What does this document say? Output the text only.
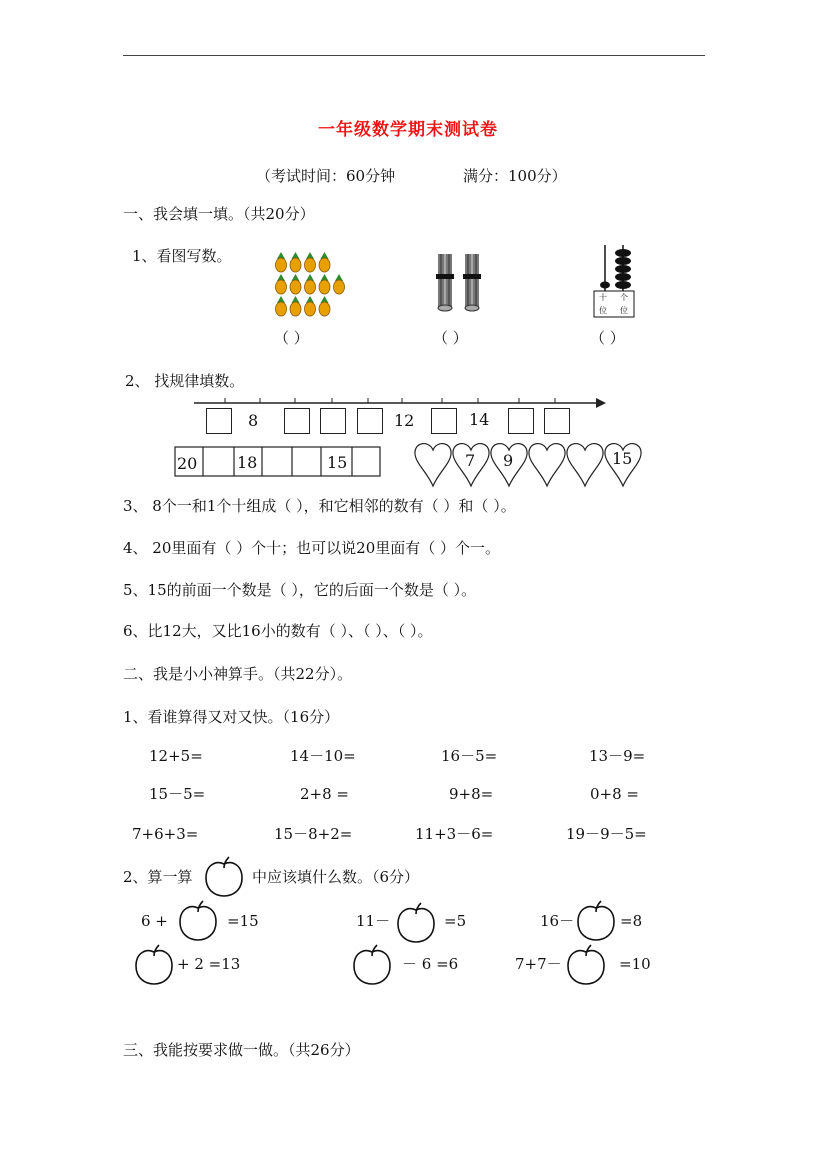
一年级数学期末测试卷
（考试时间：60分钟	满分：100分）
一、我会填一填。（共20分）
1、看图写数。
十 个
位 位
（ ）	（ ）	（ ）
2、 找规律填数。
8	12	14
20 18	15	7 9	15
3、 8个一和1个十组成（ ），和它相邻的数有（ ）和（ ）。
4、 20里面有（ ）个十；也可以说20里面有（ ）个一。
5、15的前面一个数是（ ），它的后面一个数是（ ）。
6、比12大，又比16小的数有（ ）、（ ）、（ ）。
二、我是小小神算手。（共22分）。
1、看谁算得又对又快。（16分）
12+5=	14－10=	16－5=	13－9=
15－5=	2+8 =	9+8=	0+8 =
7+6+3=	15－8+2=	11+3－6=	19－9－5=
2、算一算	中应该填什么数。（6分）
6 +	=15	11－	=5	16－	=8
+ 2 =13	－ 6 =6	7+7－	=10
三、我能按要求做一做。（共26分）
